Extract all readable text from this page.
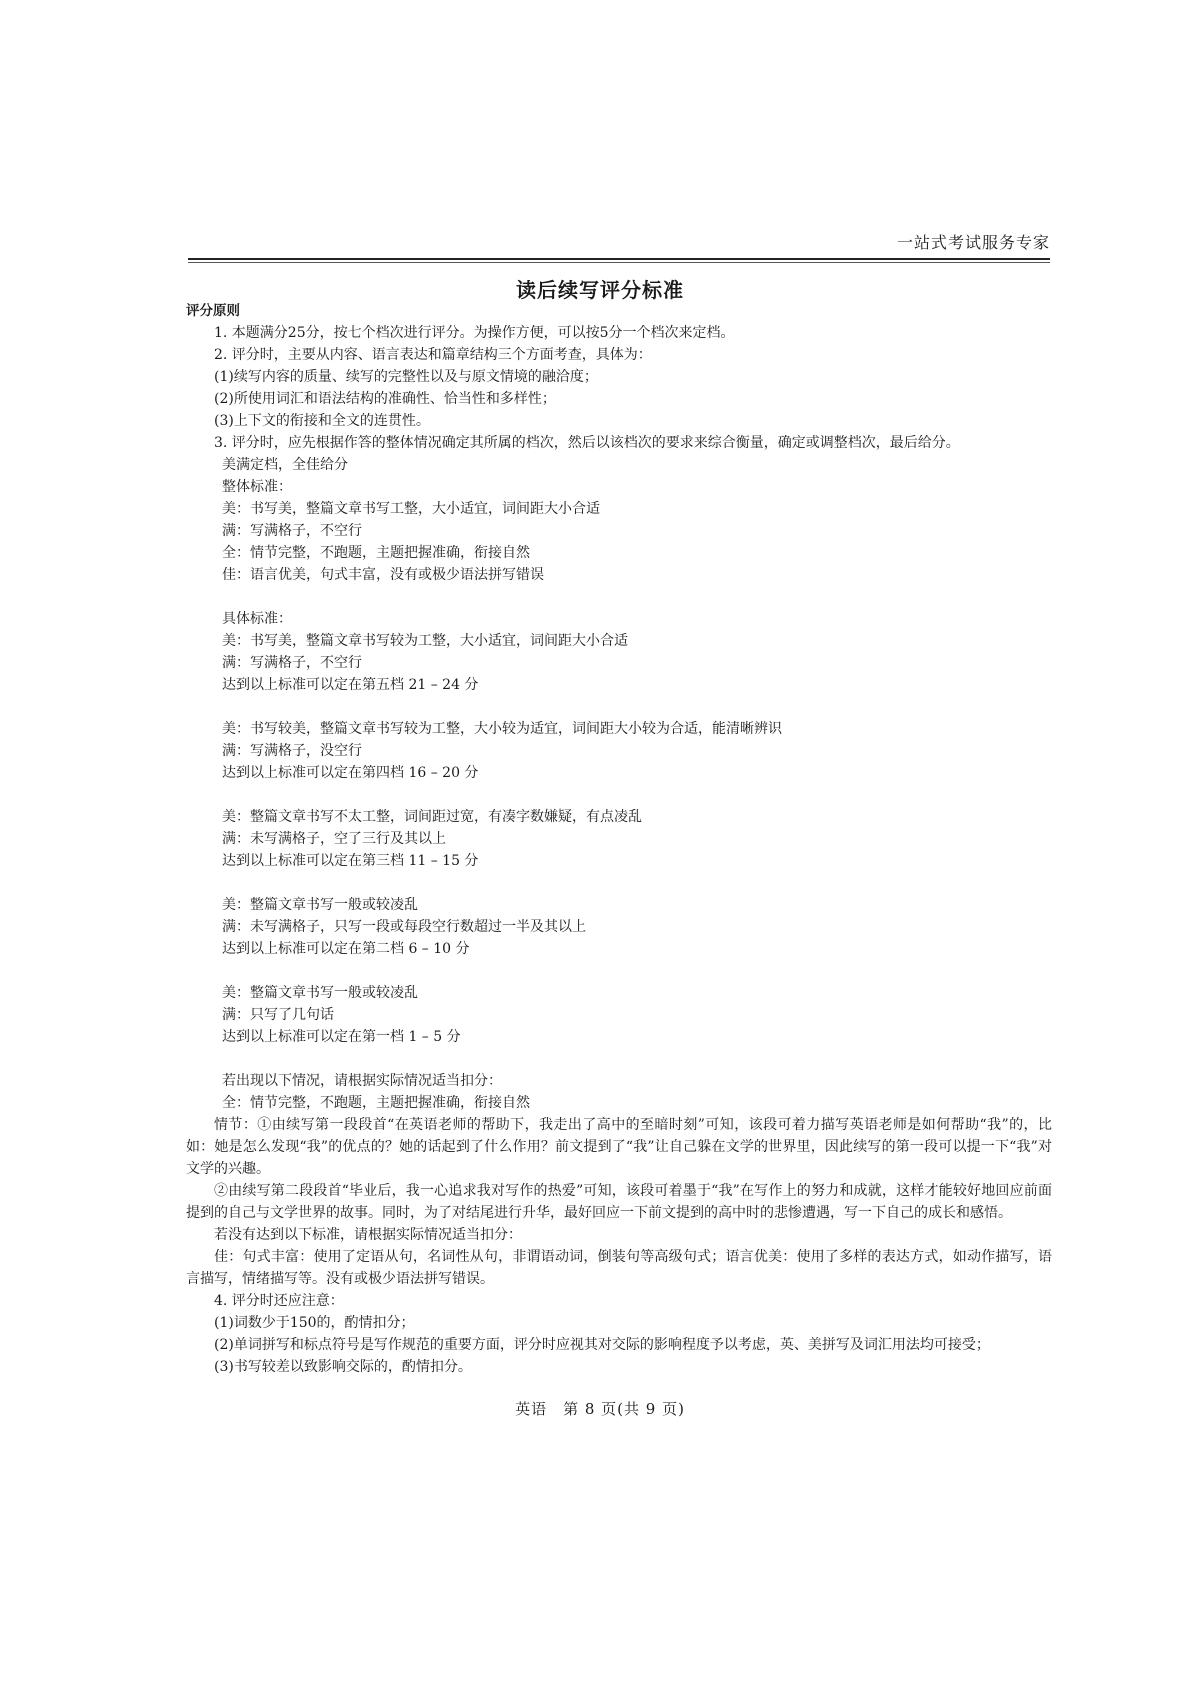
一站式考试服务专家
读后续写评分标准

评分原则

1. 本题满分25分，按七个档次进行评分。为操作方便，可以按5分一个档次来定档。

2. 评分时，主要从内容、语言表达和篇章结构三个方面考查，具体为：

(1)续写内容的质量、续写的完整性以及与原文情境的融洽度；

(2)所使用词汇和语法结构的准确性、恰当性和多样性；

(3)上下文的衔接和全文的连贯性。

3. 评分时，应先根据作答的整体情况确定其所属的档次，然后以该档次的要求来综合衡量，确定或调整档次，最后给分。

美满定档，全佳给分

整体标准：

美：书写美，整篇文章书写工整，大小适宜，词间距大小合适

满：写满格子，不空行

全：情节完整，不跑题，主题把握准确，衔接自然

佳：语言优美，句式丰富，没有或极少语法拼写错误

具体标准：

美：书写美，整篇文章书写较为工整，大小适宜，词间距大小合适

满：写满格子，不空行

达到以上标准可以定在第五档 21 – 24 分

美：书写较美，整篇文章书写较为工整，大小较为适宜，词间距大小较为合适，能清晰辨识

满：写满格子，没空行

达到以上标准可以定在第四档 16 – 20 分

美：整篇文章书写不太工整，词间距过宽，有凑字数嫌疑，有点凌乱

满：未写满格子，空了三行及其以上

达到以上标准可以定在第三档 11 – 15 分

美：整篇文章书写一般或较凌乱

满：未写满格子，只写一段或每段空行数超过一半及其以上

达到以上标准可以定在第二档 6 – 10 分

美：整篇文章书写一般或较凌乱

满：只写了几句话

达到以上标准可以定在第一档 1 – 5 分

若出现以下情况，请根据实际情况适当扣分：

全：情节完整，不跑题，主题把握准确，衔接自然

情节：①由续写第一段段首“在英语老师的帮助下，我走出了高中的至暗时刻”可知，该段可着力描写英语老师是如何帮助“我”的，比如：她是怎么发现“我”的优点的？她的话起到了什么作用？前文提到了“我”让自己躲在文学的世界里，因此续写的第一段可以提一下“我”对文学的兴趣。

②由续写第二段段首“毕业后，我一心追求我对写作的热爱”可知，该段可着墨于“我”在写作上的努力和成就，这样才能较好地回应前面提到的自己与文学世界的故事。同时，为了对结尾进行升华，最好回应一下前文提到的高中时的悲惨遭遇，写一下自己的成长和感悟。

若没有达到以下标准，请根据实际情况适当扣分：

佳：句式丰富：使用了定语从句，名词性从句，非谓语动词，倒装句等高级句式；语言优美：使用了多样的表达方式，如动作描写，语言描写，情绪描写等。没有或极少语法拼写错误。

4. 评分时还应注意：

(1)词数少于150的，酌情扣分；

(2)单词拼写和标点符号是写作规范的重要方面，评分时应视其对交际的影响程度予以考虑，英、美拼写及词汇用法均可接受；

(3)书写较差以致影响交际的，酌情扣分。

英语　第 8 页(共 9 页)
